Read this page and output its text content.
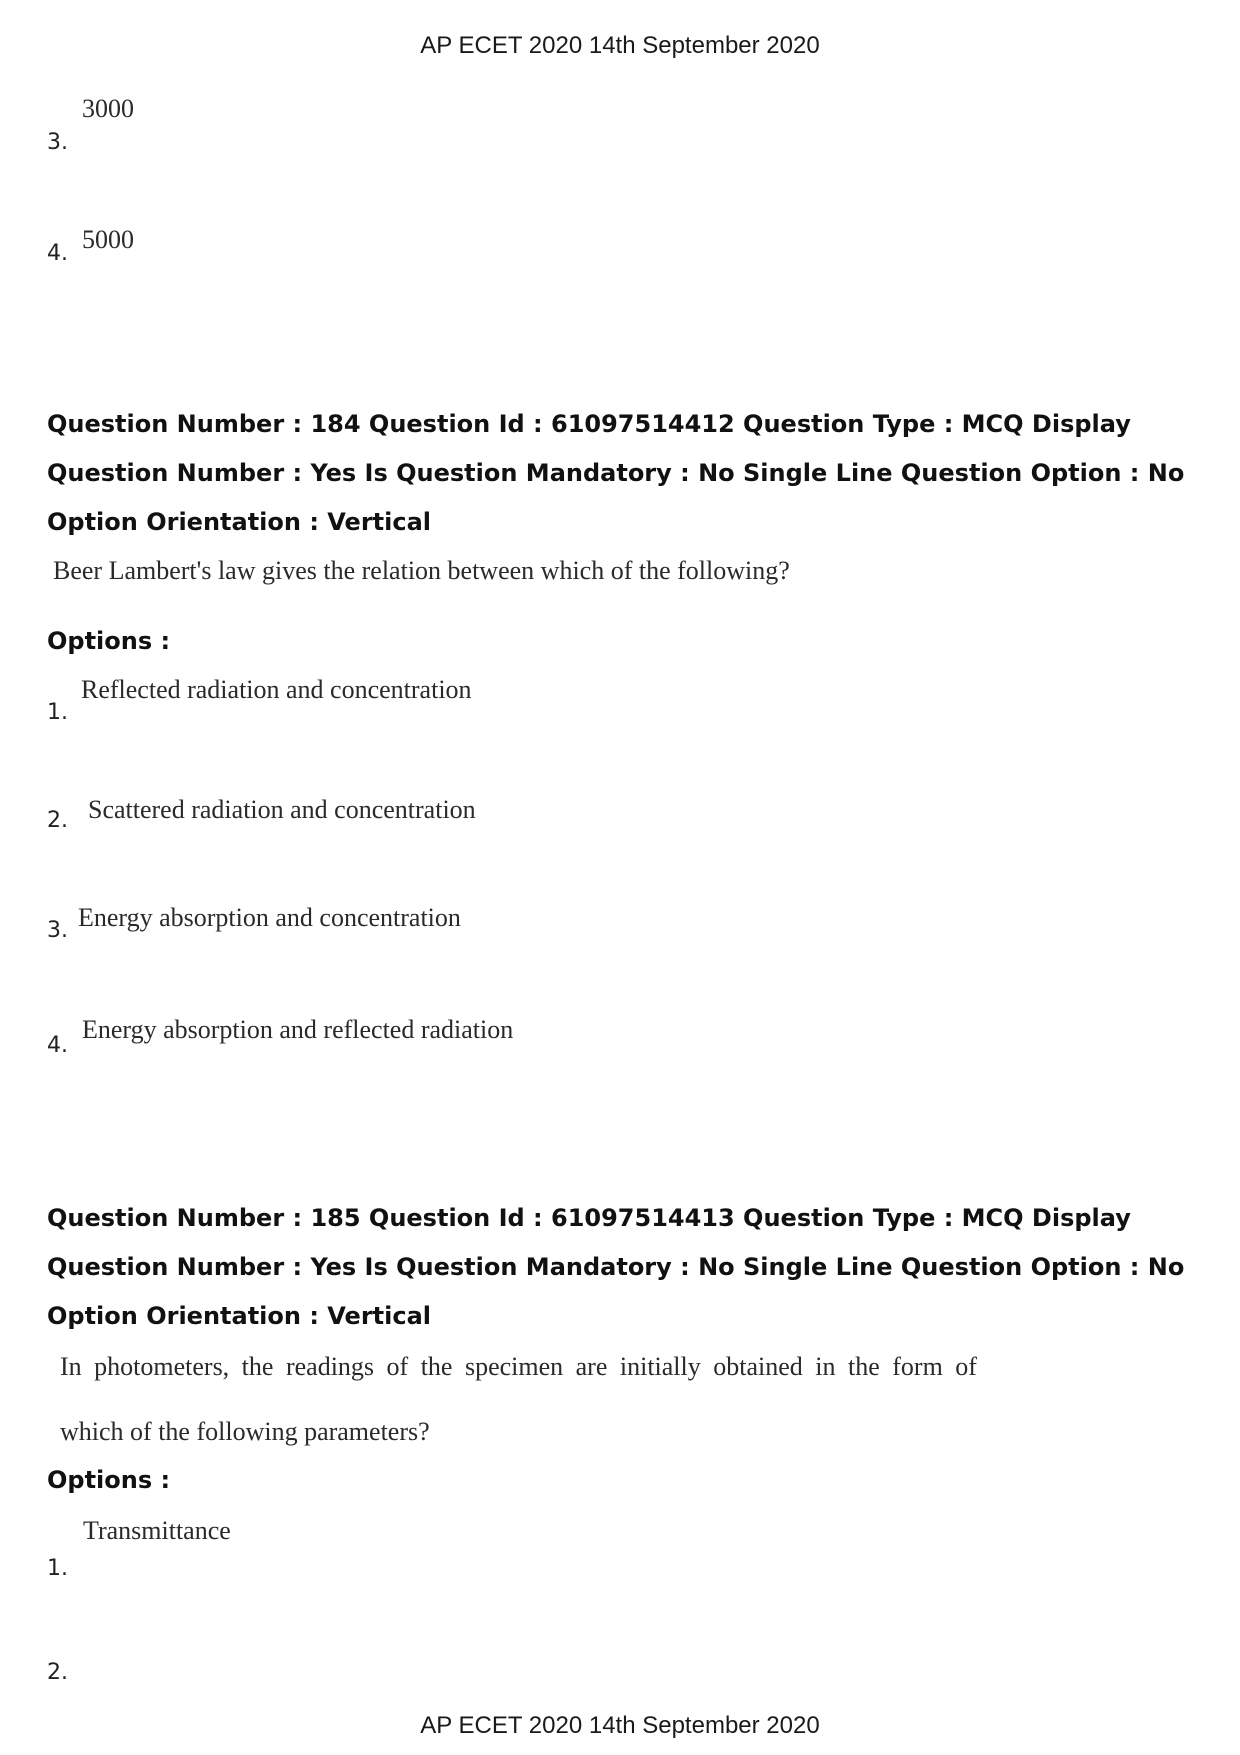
AP ECET 2020 14th September 2020
3.
3000
4. 5000
Question Number : 184 Question Id : 61097514412 Question Type : MCQ Display Question Number : Yes Is Question Mandatory : No Single Line Question Option : No Option Orientation : Vertical
Beer Lambert's law gives the relation between which of the following?
Options :
1.
Reflected radiation and concentration
2. Scattered radiation and concentration
3. Energy absorption and concentration
4.
Energy absorption and reflected radiation
Question Number : 185 Question Id : 61097514413 Question Type : MCQ Display Question Number : Yes Is Question Mandatory : No Single Line Question Option : No Option Orientation : Vertical
In photometers, the readings of the specimen are initially obtained in the form of
which of the following parameters?
Options :
1.
Transmittance
2.
AP ECET 2020 14th September 2020
